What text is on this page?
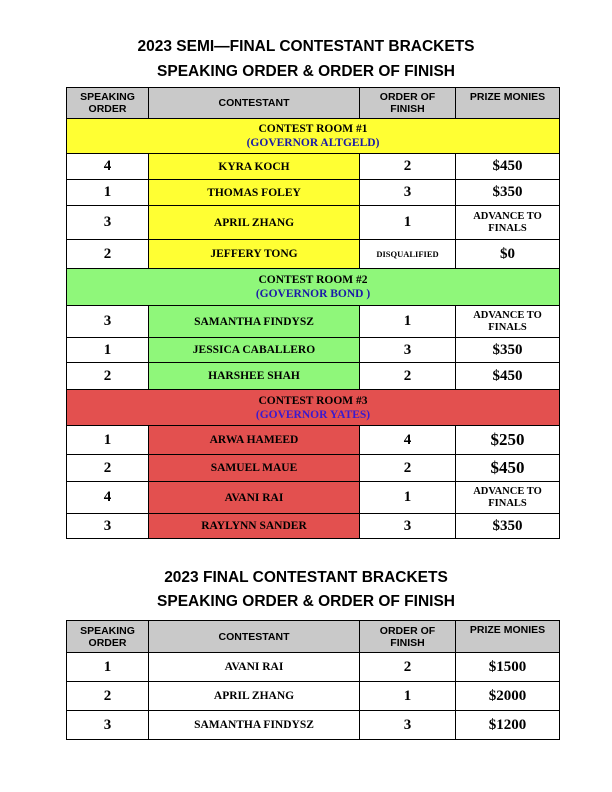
2023 SEMI—FINAL CONTESTANT BRACKETS
SPEAKING ORDER & ORDER OF FINISH
SPEAKING
ORDER	CONTESTANT	ORDER OF
FINISH	PRIZE MONIES
CONTEST ROOM #1
(GOVERNOR ALTGELD)			
4	KYRA KOCH	2	$450
1	THOMAS FOLEY	3	$350
3	APRIL ZHANG	1	ADVANCE TO
FINALS
2	JEFFERY TONG	DISQUALIFIED	$0
CONTEST ROOM #2
(GOVERNOR BOND )			
3	SAMANTHA FINDYSZ	1	ADVANCE TO
FINALS
1	JESSICA CABALLERO	3	$350
2	HARSHEE SHAH	2	$450
CONTEST ROOM #3
(GOVERNOR YATES)			
1	ARWA HAMEED	4	$250
2	SAMUEL MAUE	2	$450
4	AVANI RAI	1	ADVANCE TO
FINALS
3	RAYLYNN SANDER	3	$350
2023 FINAL CONTESTANT BRACKETS
SPEAKING ORDER & ORDER OF FINISH
SPEAKING
ORDER	CONTESTANT	ORDER OF
FINISH	PRIZE MONIES
1	AVANI RAI	2	$1500
2	APRIL ZHANG	1	$2000
3	SAMANTHA FINDYSZ	3	$1200
